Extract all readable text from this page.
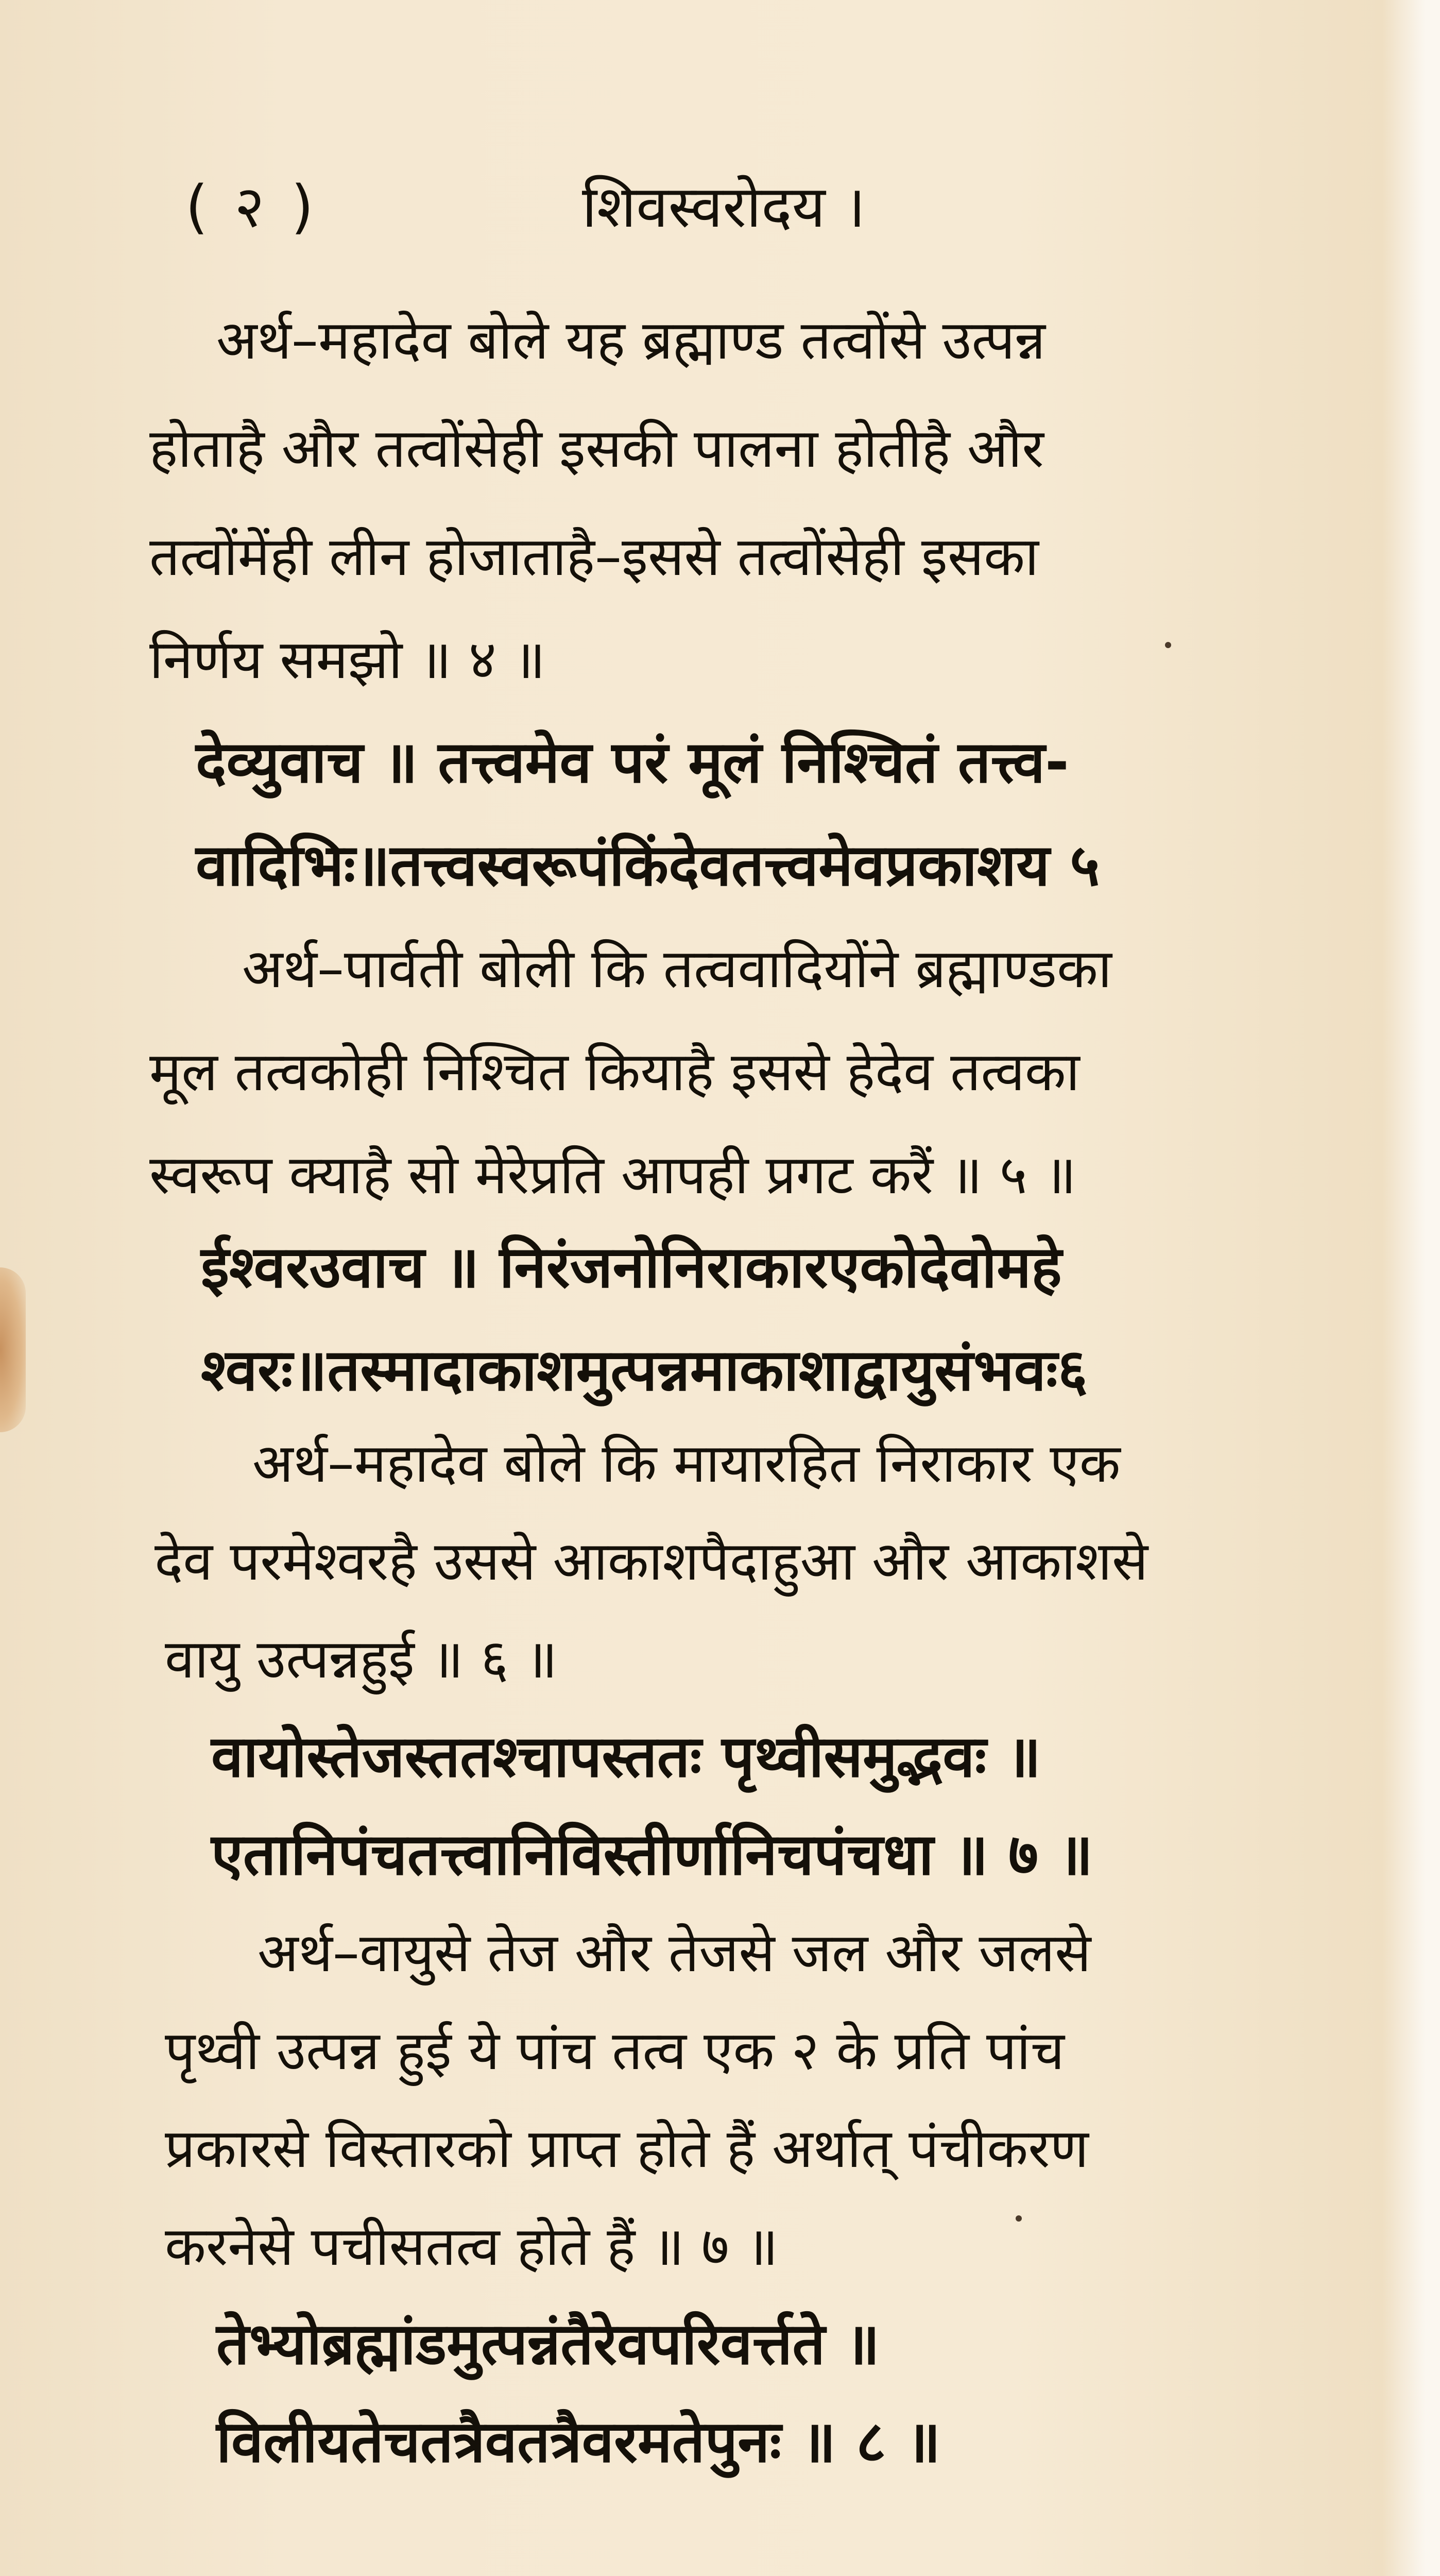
( २ )	शिवस्वरोदय ।
अर्थ–महादेव बोले यह ब्रह्माण्ड तत्वोंसे उत्पन्न
होताहै और तत्वोंसेही इसकी पालना होतीहै और
तत्वोंमेंही लीन होजाताहै–इससे तत्वोंसेही इसका
निर्णय समझो ॥ ४ ॥
देव्युवाच ॥ तत्त्वमेव परं मूलं निश्चितं तत्त्व-
वादिभिः॥तत्त्वस्वरूपंकिंदेवतत्त्वमेवप्रकाशय ५
अर्थ–पार्वती बोली कि तत्ववादियोंने ब्रह्माण्डका
मूल तत्वकोही निश्चित कियाहै इससे हेदेव तत्वका
स्वरूप क्याहै सो मेरेप्रति आपही प्रगट करैं ॥ ५ ॥
ईश्वरउवाच ॥ निरंजनोनिराकारएकोदेवोमहे
श्वरः॥तस्मादाकाशमुत्पन्नमाकाशाद्वायुसंभवः६
अर्थ–महादेव बोले कि मायारहित निराकार एक
देव परमेश्वरहै उससे आकाशपैदाहुआ और आकाशसे
वायु उत्पन्नहुई ॥ ६ ॥
वायोस्तेजस्ततश्चापस्ततः पृथ्वीसमुद्भवः ॥
एतानिपंचतत्त्वानिविस्तीर्णानिचपंचधा ॥ ७ ॥
अर्थ–वायुसे तेज और तेजसे जल और जलसे
पृथ्वी उत्पन्न हुई ये पांच तत्व एक २ के प्रति पांच
प्रकारसे विस्तारको प्राप्त होते हैं अर्थात् पंचीकरण
करनेसे पचीसतत्व होते हैं ॥ ७ ॥
तेभ्योब्रह्मांडमुत्पन्नंतैरेवपरिवर्त्तते ॥
विलीयतेचतत्रैवतत्रैवरमतेपुनः ॥ ८ ॥
